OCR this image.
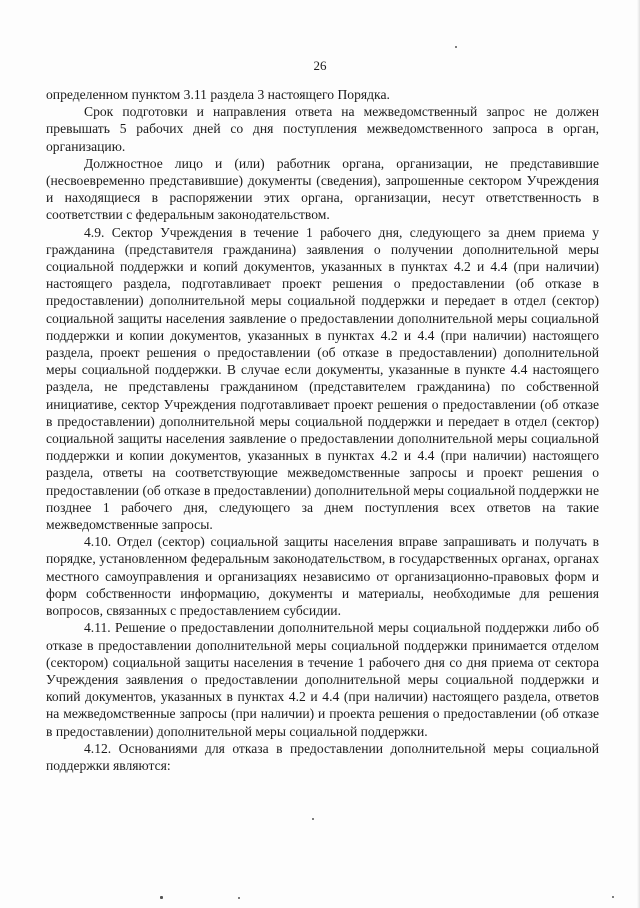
26

определенном пунктом 3.11 раздела 3 настоящего Порядка.

Срок подготовки и направления ответа на межведомственный запрос не должен превышать 5 рабочих дней со дня поступления межведомственного запроса в орган, организацию.

Должностное лицо и (или) работник органа, организации, не представившие (несвоевременно представившие) документы (сведения), запрошенные сектором Учреждения и находящиеся в распоряжении этих органа, организации, несут ответственность в соответствии с федеральным законодательством.

4.9. Сектор Учреждения в течение 1 рабочего дня, следующего за днем приема у гражданина (представителя гражданина) заявления о получении дополнительной меры социальной поддержки и копий документов, указанных в пунктах 4.2 и 4.4 (при наличии) настоящего раздела, подготавливает проект решения о предоставлении (об отказе в предоставлении) дополнительной меры социальной поддержки и передает в отдел (сектор) социальной защиты населения заявление о предоставлении дополнительной меры социальной поддержки и копии документов, указанных в пунктах 4.2 и 4.4 (при наличии) настоящего раздела, проект решения о предоставлении (об отказе в предоставлении) дополнительной меры социальной поддержки. В случае если документы, указанные в пункте 4.4 настоящего раздела, не представлены гражданином (представителем гражданина) по собственной инициативе, сектор Учреждения подготавливает проект решения о предоставлении (об отказе в предоставлении) дополнительной меры социальной поддержки и передает в отдел (сектор) социальной защиты населения заявление о предоставлении дополнительной меры социальной поддержки и копии документов, указанных в пунктах 4.2 и 4.4 (при наличии) настоящего раздела, ответы на соответствующие межведомственные запросы и проект решения о предоставлении (об отказе в предоставлении) дополнительной меры социальной поддержки не позднее 1 рабочего дня, следующего за днем поступления всех ответов на такие межведомственные запросы.

4.10. Отдел (сектор) социальной защиты населения вправе запрашивать и получать в порядке, установленном федеральным законодательством, в государственных органах, органах местного самоуправления и организациях независимо от организационно-правовых форм и форм собственности информацию, документы и материалы, необходимые для решения вопросов, связанных с предоставлением субсидии.

4.11. Решение о предоставлении дополнительной меры социальной поддержки либо об отказе в предоставлении дополнительной меры социальной поддержки принимается отделом (сектором) социальной защиты населения в течение 1 рабочего дня со дня приема от сектора Учреждения заявления о предоставлении дополнительной меры социальной поддержки и копий документов, указанных в пунктах 4.2 и 4.4 (при наличии) настоящего раздела, ответов на межведомственные запросы (при наличии) и проекта решения о предоставлении (об отказе в предоставлении) дополнительной меры социальной поддержки.

4.12. Основаниями для отказа в предоставлении дополнительной меры социальной поддержки являются:
